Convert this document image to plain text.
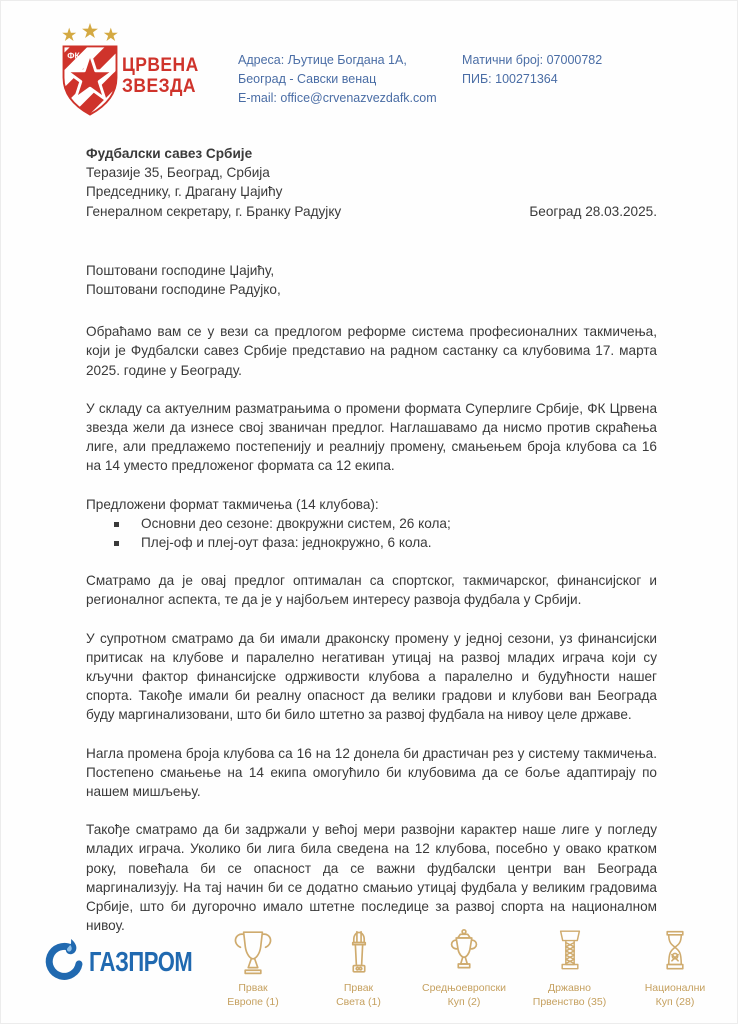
ФК ЦРВЕНА
ЗВЕЗДА
Адреса: Љутице Богдана 1А,
Београд - Савски венац
E-mail: office@crvenazvezdafk.com
Матични број: 07000782
ПИБ: 100271364
Фудбалски савез Србије
Теразије 35, Београд, Србија
Председнику, г. Драгану Џајићу
Генералном секретару, г. Бранку Радујку	Београд 28.03.2025.
Поштовани господине Џајићу,
Поштовани господине Радујко,

Обраћамо вам се у вези са предлогом реформе система професионалних такмичења, који је Фудбалски савез Србије представио на радном састанку са клубовима 17. марта 2025. године у Београду.

У складу са актуелним разматрањима о промени формата Суперлиге Србије, ФК Црвена звезда жели да изнесе свој званичан предлог. Наглашавамо да нисмо против скраћења лиге, али предлажемо постепенију и реалнију промену, смањењем броја клубова са 16 на 14 уместо предложеног формата са 12 екипа.

Предложени формат такмичења (14 клубова):
Основни део сезоне: двокружни систем, 26 кола;
Плеј-оф и плеј-оут фаза: једнокружно, 6 кола.

Сматрамо да је овај предлог оптималан са спортског, такмичарског, финансијског и регионалног аспекта, те да је у најбољем интересу развоја фудбала у Србији.

У супротном сматрамо да би имали драконску промену у једној сезони, уз финансијски притисак на клубове и паралелно негативан утицај на развој младих играча који су кључни фактор финансијске одрживости клубова а паралелно и будућности нашег спорта. Такође имали би реалну опасност да велики градови и клубови ван Београда буду маргинализовани, што би било штетно за развој фудбала на нивоу целе државе.

Нагла промена броја клубова са 16 на 12 донела би драстичан рез у систему такмичења. Постепено смањење на 14 екипа омогућило би клубовима да се боље адаптирају по нашем мишљењу.

Такође сматрамо да би задржали у већој мери развојни карактер наше лиге у погледу младих играча. Уколико би лига била сведена на 12 клубова, посебно у овако кратком року, повећала би се опасност да се важни фудбалски центри ван Београда маргинализују. На тај начин би се додатно смањио утицај фудбала у великим градовима Србије, што би дугорочно имало штетне последице за развој спорта на националном нивоу.

ГАЗПРОМ
Првак
Европе (1)
Првак
Света (1)
Средњоевропски
Куп (2)
Државно
Првенство (35)
Национални
Куп (28)
